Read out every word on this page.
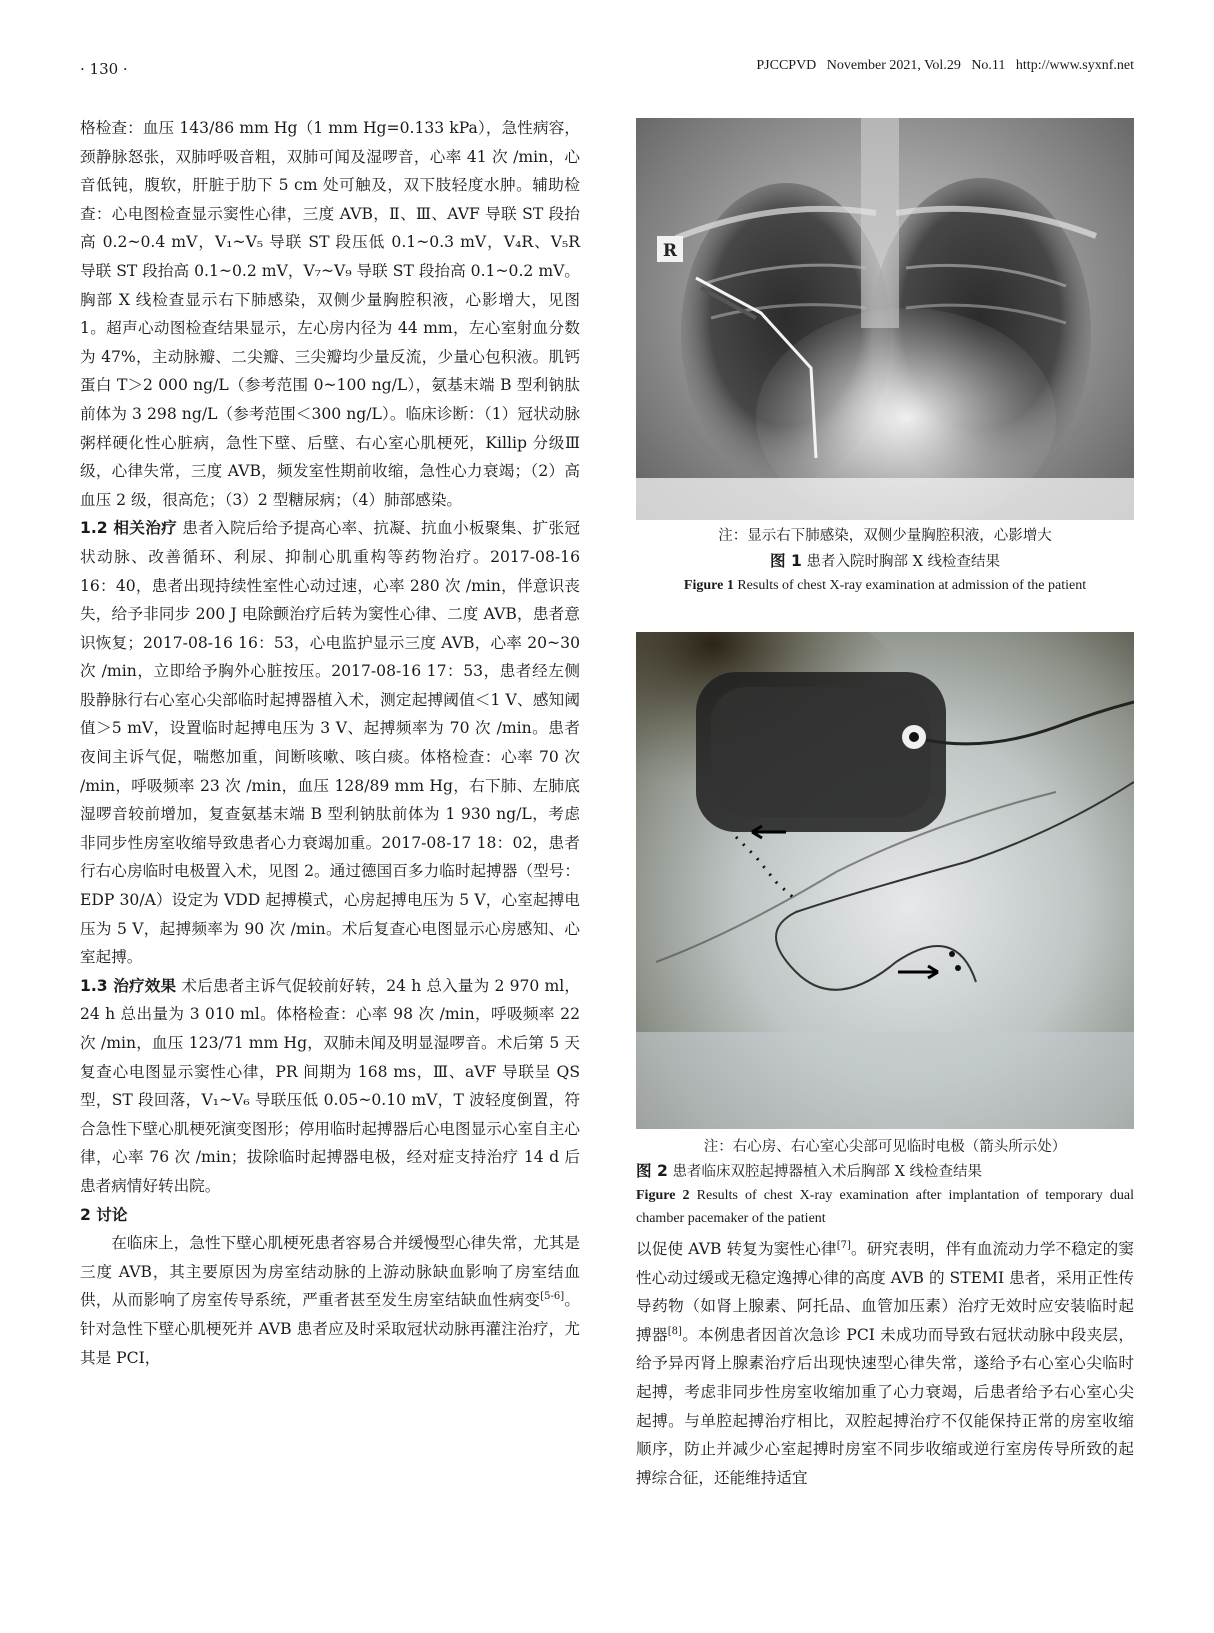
· 130 ·	PJCCPVD   November 2021, Vol.29   No.11   http://www.syxnf.net

格检查：血压 143/86 mm Hg（1 mm Hg=0.133 kPa），急性病容，颈静脉怒张，双肺呼吸音粗，双肺可闻及湿啰音，心率 41 次 /min，心音低钝，腹软，肝脏于肋下 5 cm 处可触及，双下肢轻度水肿。辅助检查：心电图检查显示窦性心律，三度 AVB，Ⅱ、Ⅲ、AVF 导联 ST 段抬高 0.2~0.4 mV，V₁~V₅ 导联 ST 段压低 0.1~0.3 mV，V₄R、V₅R 导联 ST 段抬高 0.1~0.2 mV，V₇~V₉ 导联 ST 段抬高 0.1~0.2 mV。胸部 X 线检查显示右下肺感染，双侧少量胸腔积液，心影增大，见图 1。超声心动图检查结果显示，左心房内径为 44 mm，左心室射血分数为 47%，主动脉瓣、二尖瓣、三尖瓣均少量反流，少量心包积液。肌钙蛋白 T＞2 000 ng/L（参考范围 0~100 ng/L），氨基末端 B 型利钠肽前体为 3 298 ng/L（参考范围＜300 ng/L）。临床诊断：（1）冠状动脉粥样硬化性心脏病，急性下壁、后壁、右心室心肌梗死，Killip 分级Ⅲ级，心律失常，三度 AVB，频发室性期前收缩，急性心力衰竭；（2）高血压 2 级，很高危；（3）2 型糖尿病；（4）肺部感染。

1.2 相关治疗 患者入院后给予提高心率、抗凝、抗血小板聚集、扩张冠状动脉、改善循环、利尿、抑制心肌重构等药物治疗。2017-08-16 16：40，患者出现持续性室性心动过速，心率 280 次 /min，伴意识丧失，给予非同步 200 J 电除颤治疗后转为窦性心律、二度 AVB，患者意识恢复；2017-08-16 16：53，心电监护显示三度 AVB，心率 20~30 次 /min，立即给予胸外心脏按压。2017-08-16 17：53，患者经左侧股静脉行右心室心尖部临时起搏器植入术，测定起搏阈值＜1 V、感知阈值＞5 mV，设置临时起搏电压为 3 V、起搏频率为 70 次 /min。患者夜间主诉气促，喘憋加重，间断咳嗽、咳白痰。体格检查：心率 70 次 /min，呼吸频率 23 次 /min，血压 128/89 mm Hg，右下肺、左肺底湿啰音较前增加，复查氨基末端 B 型利钠肽前体为 1 930 ng/L，考虑非同步性房室收缩导致患者心力衰竭加重。2017-08-17 18：02，患者行右心房临时电极置入术，见图 2。通过德国百多力临时起搏器（型号：EDP 30/A）设定为 VDD 起搏模式，心房起搏电压为 5 V，心室起搏电压为 5 V，起搏频率为 90 次 /min。术后复查心电图显示心房感知、心室起搏。

1.3 治疗效果 术后患者主诉气促较前好转，24 h 总入量为 2 970 ml，24 h 总出量为 3 010 ml。体格检查：心率 98 次 /min，呼吸频率 22 次 /min，血压 123/71 mm Hg，双肺未闻及明显湿啰音。术后第 5 天复查心电图显示窦性心律，PR 间期为 168 ms，Ⅲ、aVF 导联呈 QS 型，ST 段回落，V₁~V₆ 导联压低 0.05~0.10 mV，T 波轻度倒置，符合急性下壁心肌梗死演变图形；停用临时起搏器后心电图显示心室自主心律，心率 76 次 /min；拔除临时起搏器电极，经对症支持治疗 14 d 后患者病情好转出院。

2 讨论

在临床上，急性下壁心肌梗死患者容易合并缓慢型心律失常，尤其是三度 AVB，其主要原因为房室结动脉的上游动脉缺血影响了房室结血供，从而影响了房室传导系统，严重者甚至发生房室结缺血性病变[5-6]。针对急性下壁心肌梗死并 AVB 患者应及时采取冠状动脉再灌注治疗，尤其是 PCI，

R
注：显示右下肺感染，双侧少量胸腔积液，心影增大
图 1 患者入院时胸部 X 线检查结果
Figure 1 Results of chest X-ray examination at admission of the patient
注：右心房、右心室心尖部可见临时电极（箭头所示处）
图 2 患者临床双腔起搏器植入术后胸部 X 线检查结果
Figure 2 Results of chest X-ray examination after implantation of temporary dual chamber pacemaker of the patient

以促使 AVB 转复为窦性心律[7]。研究表明，伴有血流动力学不稳定的窦性心动过缓或无稳定逸搏心律的高度 AVB 的 STEMI 患者，采用正性传导药物（如肾上腺素、阿托品、血管加压素）治疗无效时应安装临时起搏器[8]。本例患者因首次急诊 PCI 未成功而导致右冠状动脉中段夹层，给予异丙肾上腺素治疗后出现快速型心律失常，遂给予右心室心尖临时起搏，考虑非同步性房室收缩加重了心力衰竭，后患者给予右心室心尖起搏。与单腔起搏治疗相比，双腔起搏治疗不仅能保持正常的房室收缩顺序，防止并减少心室起搏时房室不同步收缩或逆行室房传导所致的起搏综合征，还能维持适宜
